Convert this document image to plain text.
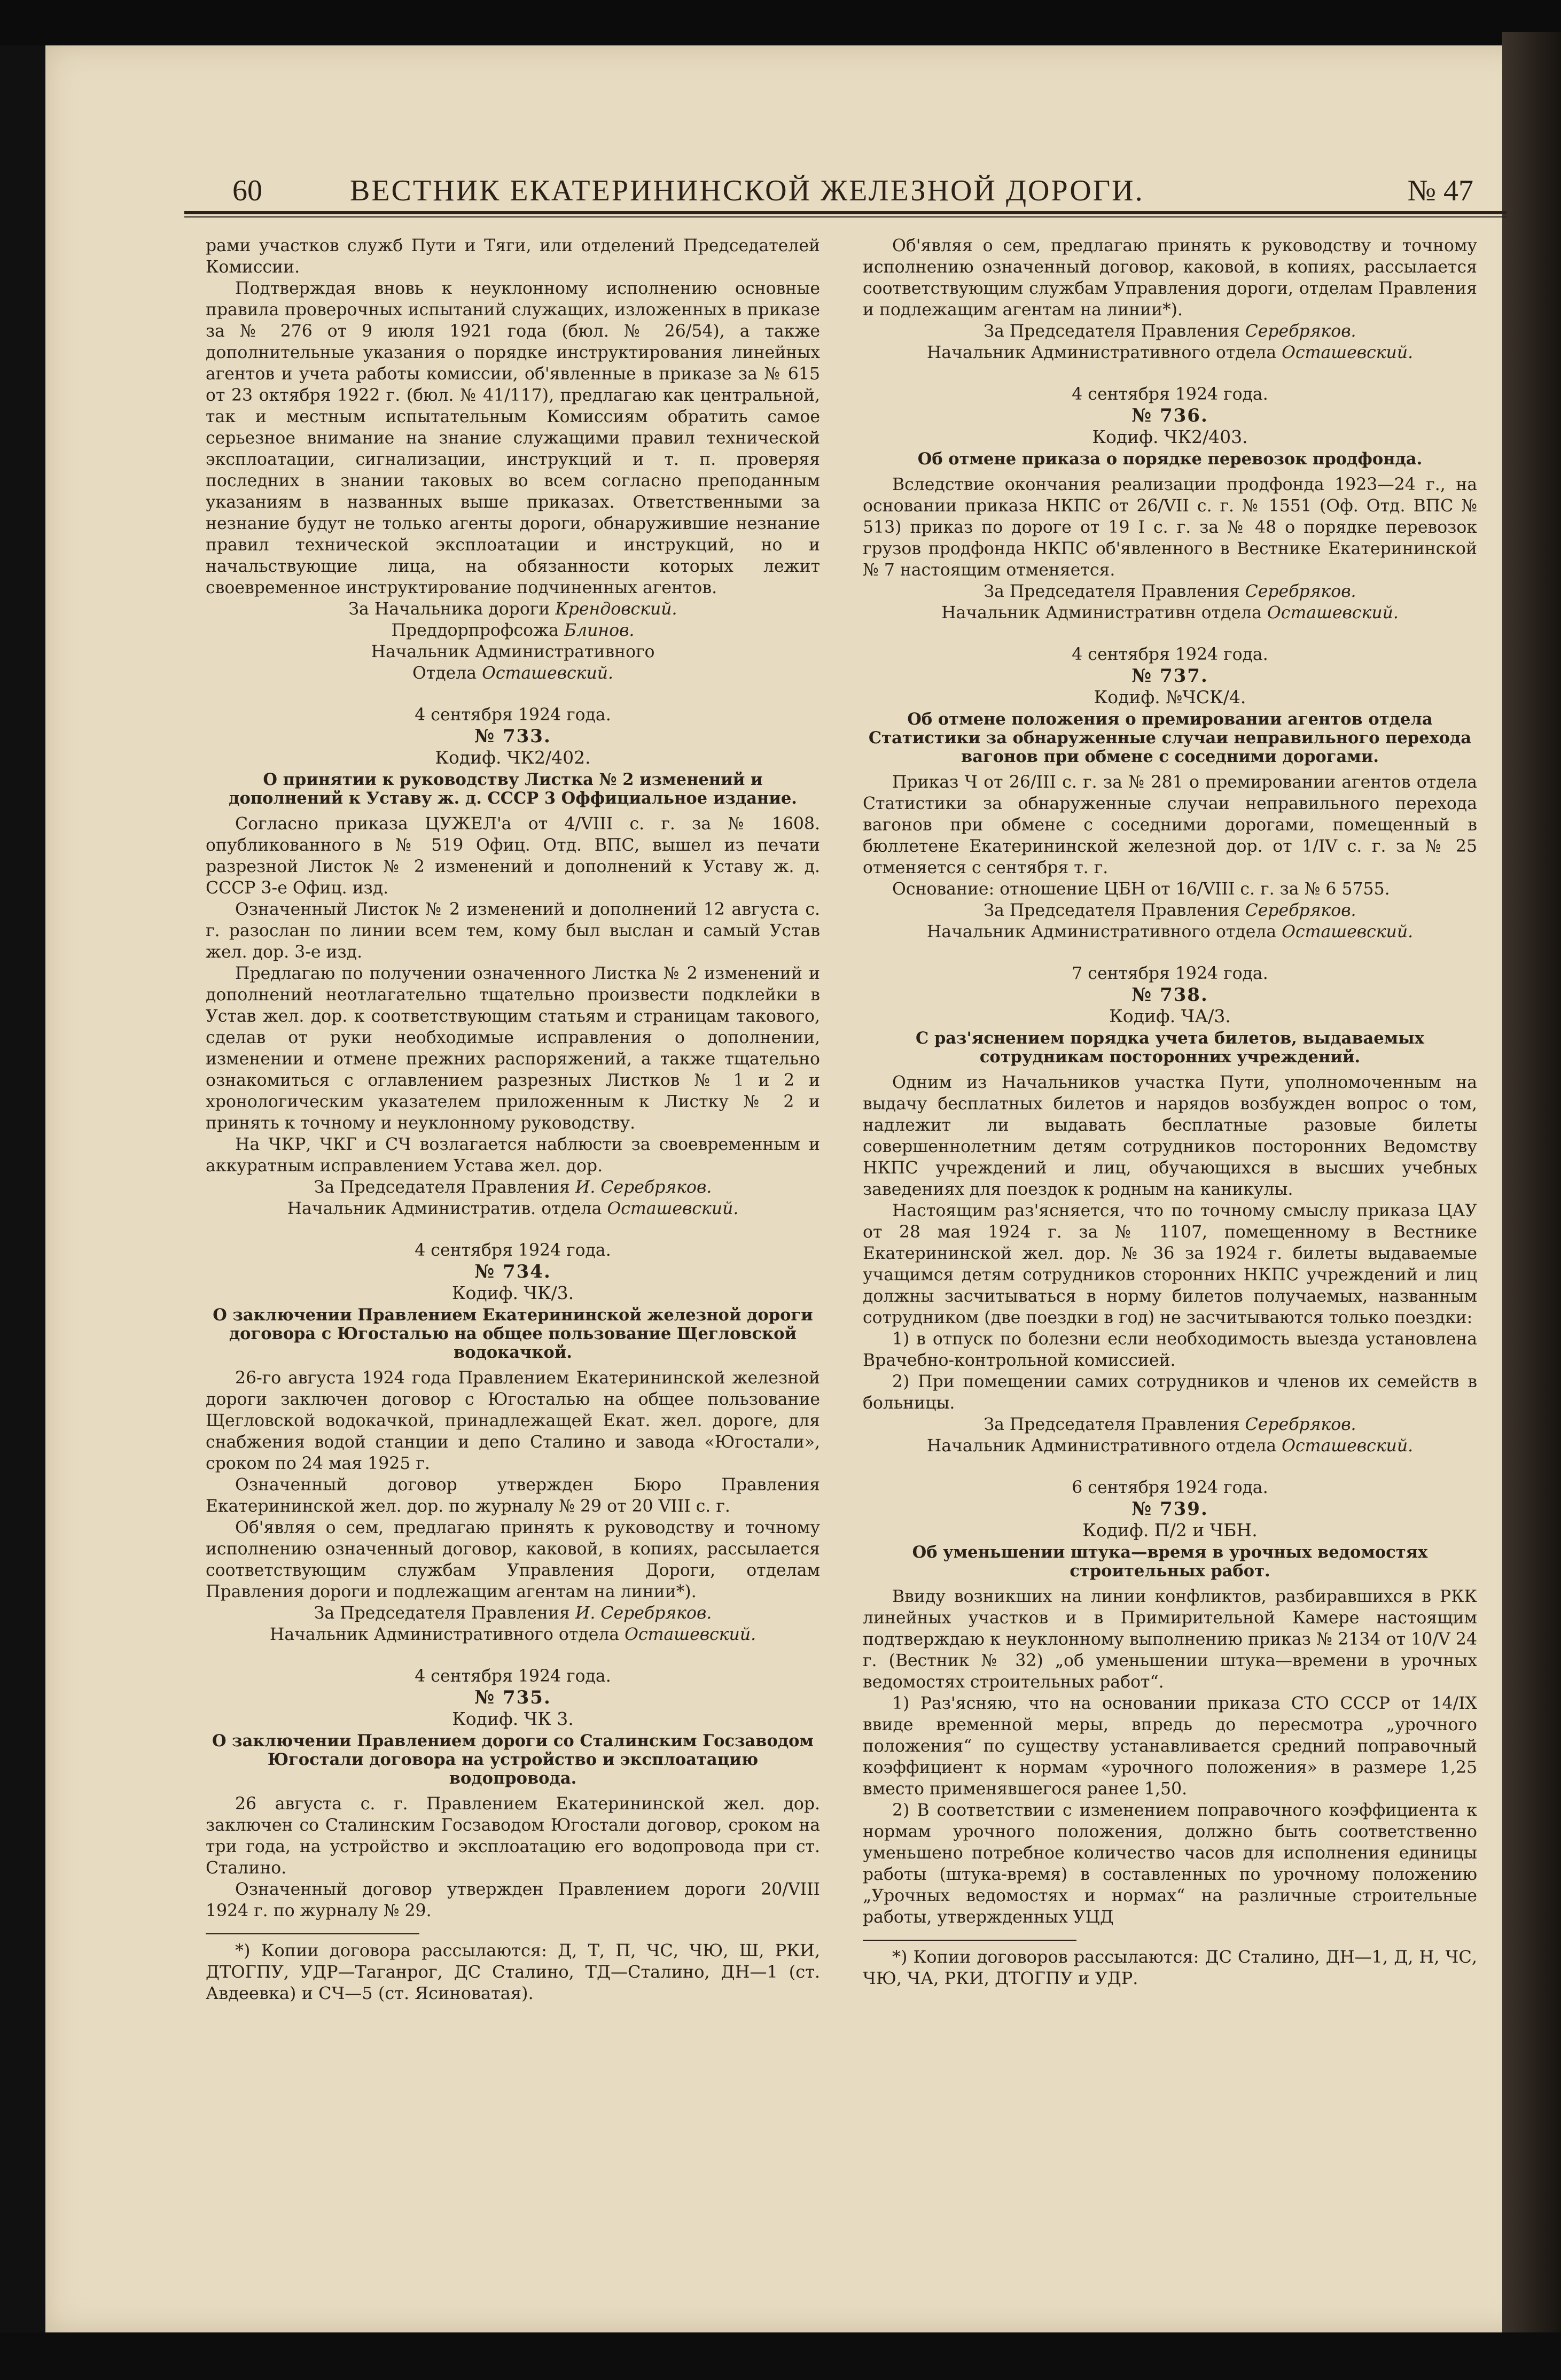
60	ВЕСТНИК ЕКАТЕРИНИНСКОЙ ЖЕЛЕЗНОЙ ДОРОГИ.	№ 47

рами участков служб Пути и Тяги, или отделений Председателей Комиссии.

Подтверждая вновь к неуклонному исполнению основные правила проверочных испытаний служащих, изложенных в приказе за № 276 от 9 июля 1921 года (бюл. № 26/54), а также дополнительные указания о порядке инструктирования линейных агентов и учета работы комиссии, об'явленные в приказе за № 615 от 23 октября 1922 г. (бюл. № 41/117), предлагаю как центральной, так и местным испытательным Комиссиям обратить самое серьезное внимание на знание служащими правил технической эксплоатации, сигнализации, инструкций и т. п. проверяя последних в знании таковых во всем согласно преподанным указаниям в названных выше приказах. Ответственными за незнание будут не только агенты дороги, обнаружившие незнание правил технической эксплоатации и инструкций, но и начальствующие лица, на обязанности которых лежит своевременное инструктирование подчиненных агентов.

За Начальника дороги Крендовский.

Преддорпрофсожа Блинов.

Начальник Административного

Отдела Осташевский.

4 сентября 1924 года.

№ 733.

Кодиф. ЧК2/402.

О принятии к руководству Листка № 2 изменений и дополнений к Уставу ж. д. СССР 3 Оффициальное издание.

Согласно приказа ЦУЖЕЛ'а от 4/VIII с. г. за № 1608. опубликованного в № 519 Офиц. Отд. ВПС, вышел из печати разрезной Листок № 2 изменений и дополнений к Уставу ж. д. СССР 3-е Офиц. изд.

Означенный Листок № 2 изменений и дополнений 12 августа с. г. разослан по линии всем тем, кому был выслан и самый Устав жел. дор. 3-е изд.

Предлагаю по получении означенного Листка № 2 изменений и дополнений неотлагательно тщательно произвести подклейки в Устав жел. дор. к соответствующим статьям и страницам такового, сделав от руки необходимые исправления о дополнении, изменении и отмене прежних распоряжений, а также тщательно ознакомиться с оглавлением разрезных Листков № 1 и 2 и хронологическим указателем приложенным к Листку № 2 и принять к точному и неуклонному руководству.

На ЧКР, ЧКГ и СЧ возлагается наблюсти за своевременным и аккуратным исправлением Устава жел. дор.

За Председателя Правления И. Серебряков.

Начальник Административ. отдела Осташевский.

4 сентября 1924 года.

№ 734.

Кодиф. ЧК/3.

О заключении Правлением Екатерининской железной дороги договора с Югосталью на общее пользование Щегловской водокачкой.

26-го августа 1924 года Правлением Екатерининской железной дороги заключен договор с Югосталью на общее пользование Щегловской водокачкой, принадлежащей Екат. жел. дороге, для снабжения водой станции и депо Сталино и завода «Югостали», сроком по 24 мая 1925 г.

Означенный договор утвержден Бюро Правления Екатерининской жел. дор. по журналу № 29 от 20 VIII с. г.

Об'являя о сем, предлагаю принять к руководству и точному исполнению означенный договор, каковой, в копиях, рассылается соответствующим службам Управления Дороги, отделам Правления дороги и подлежащим агентам на линии*).

За Председателя Правления И. Серебряков.

Начальник Административного отдела Осташевский.

4 сентября 1924 года.

№ 735.

Кодиф. ЧК 3.

О заключении Правлением дороги со Сталинским Госзаводом Югостали договора на устройство и эксплоатацию водопровода.

26 августа с. г. Правлением Екатерининской жел. дор. заключен со Сталинским Госзаводом Югостали договор, сроком на три года, на устройство и эксплоатацию его водопровода при ст. Сталино.

Означенный договор утвержден Правлением дороги 20/VIII 1924 г. по журналу № 29.

*) Копии договора рассылаются: Д, Т, П, ЧС, ЧЮ, Ш, РКИ, ДТОГПУ, УДР—Таганрог, ДС Сталино, ТД—Сталино, ДН—1 (ст. Авдеевка) и СЧ—5 (ст. Ясиноватая).

Об'являя о сем, предлагаю принять к руководству и точному исполнению означенный договор, каковой, в копиях, рассылается соответствующим службам Управления дороги, отделам Правления и подлежащим агентам на линии*).

За Председателя Правления Серебряков.

Начальник Административного отдела Осташевский.

4 сентября 1924 года.

№ 736.

Кодиф. ЧК2/403.

Об отмене приказа о порядке перевозок продфонда.

Вследствие окончания реализации продфонда 1923—24 г., на основании приказа НКПС от 26/VII с. г. № 1551 (Оф. Отд. ВПС № 513) приказ по дороге от 19 I с. г. за № 48 о порядке перевозок грузов продфонда НКПС об'явленного в Вестнике Екатерининской № 7 настоящим отменяется.

За Председателя Правления Серебряков.

Начальник Административн отдела Осташевский.

4 сентября 1924 года.

№ 737.

Кодиф. №ЧСК/4.

Об отмене положения о премировании агентов отдела Статистики за обнаруженные случаи неправильного перехода вагонов при обмене с соседними дорогами.

Приказ Ч от 26/III с. г. за № 281 о премировании агентов отдела Статистики за обнаруженные случаи неправильного перехода вагонов при обмене с соседними дорогами, помещенный в бюллетене Екатерининской железной дор. от 1/IV с. г. за № 25 отменяется с сентября т. г.

Основание: отношение ЦБН от 16/VIII с. г. за № 6 5755.

За Председателя Правления Серебряков.

Начальник Административного отдела Осташевский.

7 сентября 1924 года.

№ 738.

Кодиф. ЧА/3.

С раз'яснением порядка учета билетов, выдаваемых сотрудникам посторонних учреждений.

Одним из Начальников участка Пути, уполномоченным на выдачу бесплатных билетов и нарядов возбужден вопрос о том, надлежит ли выдавать бесплатные разовые билеты совершеннолетним детям сотрудников посторонних Ведомству НКПС учреждений и лиц, обучающихся в высших учебных заведениях для поездок к родным на каникулы.

Настоящим раз'ясняется, что по точному смыслу приказа ЦАУ от 28 мая 1924 г. за № 1107, помещенному в Вестнике Екатерининской жел. дор. № 36 за 1924 г. билеты выдаваемые учащимся детям сотрудников сторонних НКПС учреждений и лиц должны засчитываться в норму билетов получаемых, названным сотрудником (две поездки в год) не засчитываются только поездки:

1) в отпуск по болезни если необходимость выезда установлена Врачебно-контрольной комиссией.

2) При помещении самих сотрудников и членов их семейств в больницы.

За Председателя Правления Серебряков.

Начальник Административного отдела Осташевский.

6 сентября 1924 года.

№ 739.

Кодиф. П/2 и ЧБН.

Об уменьшении штука—время в урочных ведомостях строительных работ.

Ввиду возникших на линии конфликтов, разбиравшихся в РКК линейных участков и в Примирительной Камере настоящим подтверждаю к неуклонному выполнению приказ № 2134 от 10/V 24 г. (Вестник № 32) „об уменьшении штука—времени в урочных ведомостях строительных работ“.

1) Раз'ясняю, что на основании приказа СТО СССР от 14/IX ввиде временной меры, впредь до пересмотра „урочного положения“ по существу устанавливается средний поправочный коэффициент к нормам «урочного положения» в размере 1,25 вместо применявшегося ранее 1,50.

2) В соответствии с изменением поправочного коэффициента к нормам урочного положения, должно быть соответственно уменьшено потребное количество часов для исполнения единицы работы (штука-время) в составленных по урочному положению „Урочных ведомостях и нормах“ на различные строительные работы, утвержденных УЦД

*) Копии договоров рассылаются: ДС Сталино, ДН—1, Д, Н, ЧС, ЧЮ, ЧА, РКИ, ДТОГПУ и УДР.
